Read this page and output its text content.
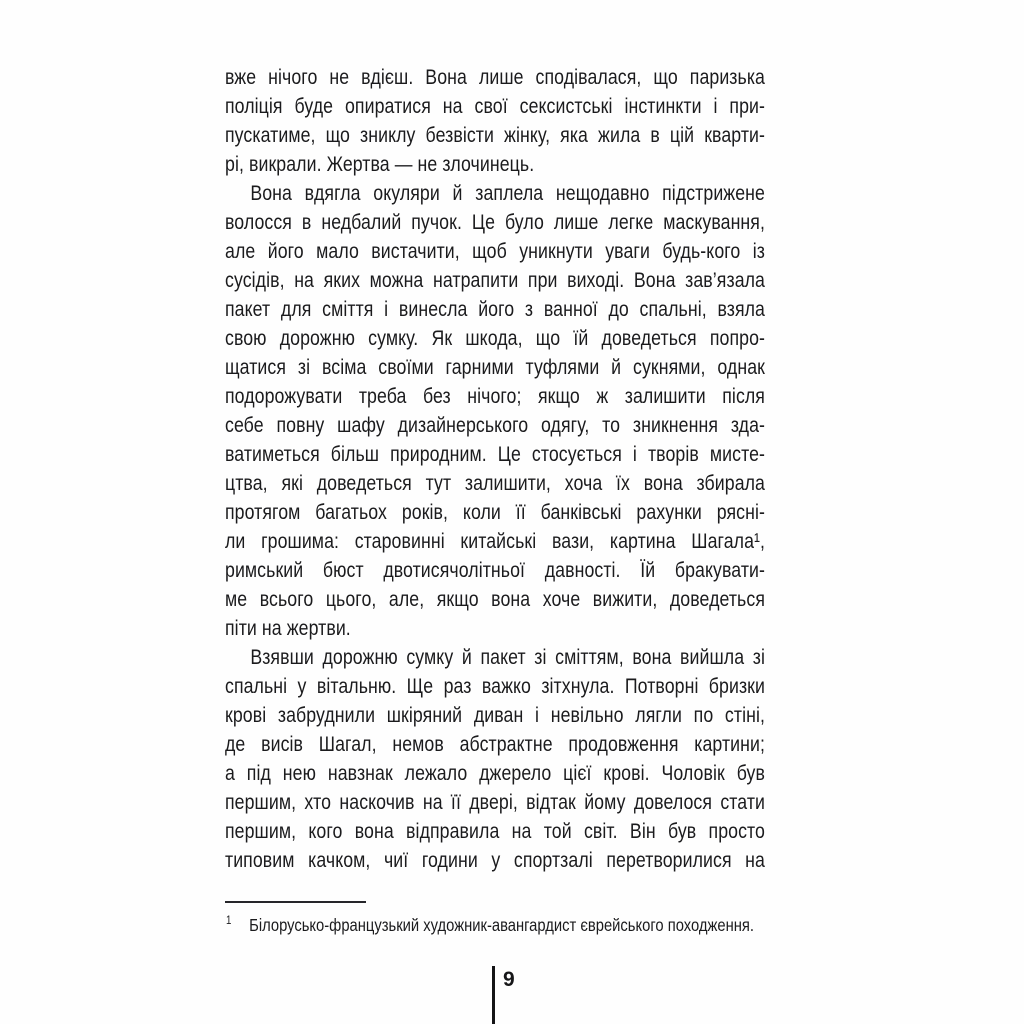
вже нічого не вдієш. Вона лише сподівалася, що паризька
поліція буде опиратися на свої сексистські інстинкти і при-
пускатиме, що зниклу безвісти жінку, яка жила в цій кварти-
рі, викрали. Жертва — не злочинець.

Вона вдягла окуляри й заплела нещодавно підстрижене
волосся в недбалий пучок. Це було лише легке маскування,
але його мало вистачити, щоб уникнути уваги будь-кого із
сусідів, на яких можна натрапити при виході. Вона зав’язала
пакет для сміття і винесла його з ванної до спальні, взяла
свою дорожню сумку. Як шкода, що їй доведеться попро-
щатися зі всіма своїми гарними туфлями й сукнями, однак
подорожувати треба без нічого; якщо ж залишити після
себе повну шафу дизайнерського одягу, то зникнення зда-
ватиметься більш природним. Це стосується і творів мисте-
цтва, які доведеться тут залишити, хоча їх вона збирала
протягом багатьох років, коли її банківські рахунки рясні-
ли грошима: старовинні китайські вази, картина Шагала¹,
римський бюст двотисячолітньої давності. Їй бракувати-
ме всього цього, але, якщо вона хоче вижити, доведеться
піти на жертви.

Взявши дорожню сумку й пакет зі сміттям, вона вийшла зі
спальні у вітальню. Ще раз важко зітхнула. Потворні бризки
крові забруднили шкіряний диван і невільно лягли по стіні,
де висів Шагал, немов абстрактне продовження картини;
а під нею навзнак лежало джерело цієї крові. Чоловік був
першим, хто наскочив на її двері, відтак йому довелося стати
першим, кого вона відправила на той світ. Він був просто
типовим качком, чиї години у спортзалі перетворилися на

$^1$ Білорусько-французький художник-авангардист єврейського походження.
9
